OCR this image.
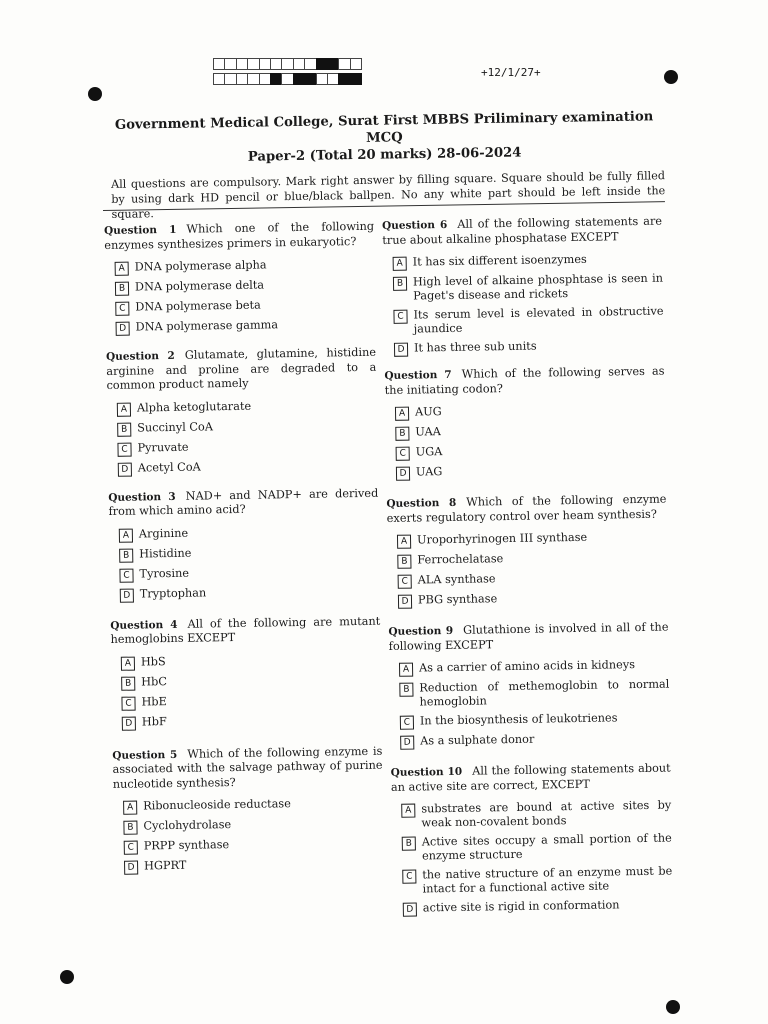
+12/1/27+
Government Medical College, Surat First MBBS Priliminary examination MCQ
Paper-2 (Total 20 marks) 28-06-2024
All questions are compulsory. Mark right answer by filling square. Square should be fully filled by using dark HD pencil or blue/black ballpen. No any white part should be left inside the square.
Question 1 Which one of the following enzymes synthesizes primers in eukaryotic?
A DNA polymerase alpha
B DNA polymerase delta
C DNA polymerase beta
D DNA polymerase gamma
Question 2 Glutamate, glutamine, histidine arginine and proline are degraded to a common product namely
A Alpha ketoglutarate
B Succinyl CoA
C Pyruvate
D Acetyl CoA
Question 3 NAD+ and NADP+ are derived from which amino acid?
A Arginine
B Histidine
C Tyrosine
D Tryptophan
Question 4 All of the following are mutant hemoglobins EXCEPT
A HbS
B HbC
C HbE
D HbF
Question 5 Which of the following enzyme is associated with the salvage pathway of purine nucleotide synthesis?
A Ribonucleoside reductase
B Cyclohydrolase
C PRPP synthase
D HGPRT
Question 6 All of the following statements are true about alkaline phosphatase EXCEPT
A It has six different isoenzymes
B High level of alkaine phosphtase is seen in Paget's disease and rickets
C Its serum level is elevated in obstructive jaundice
D It has three sub units
Question 7 Which of the following serves as the initiating codon?
A AUG
B UAA
C UGA
D UAG
Question 8 Which of the following enzyme exerts regulatory control over heam synthesis?
A Uroporhyrinogen III synthase
B Ferrochelatase
C ALA synthase
D PBG synthase
Question 9 Glutathione is involved in all of the following EXCEPT
A As a carrier of amino acids in kidneys
B Reduction of methemoglobin to normal hemoglobin
C In the biosynthesis of leukotrienes
D As a sulphate donor
Question 10 All the following statements about an active site are correct, EXCEPT
A substrates are bound at active sites by weak non-covalent bonds
B Active sites occupy a small portion of the enzyme structure
C the native structure of an enzyme must be intact for a functional active site
D active site is rigid in conformation
